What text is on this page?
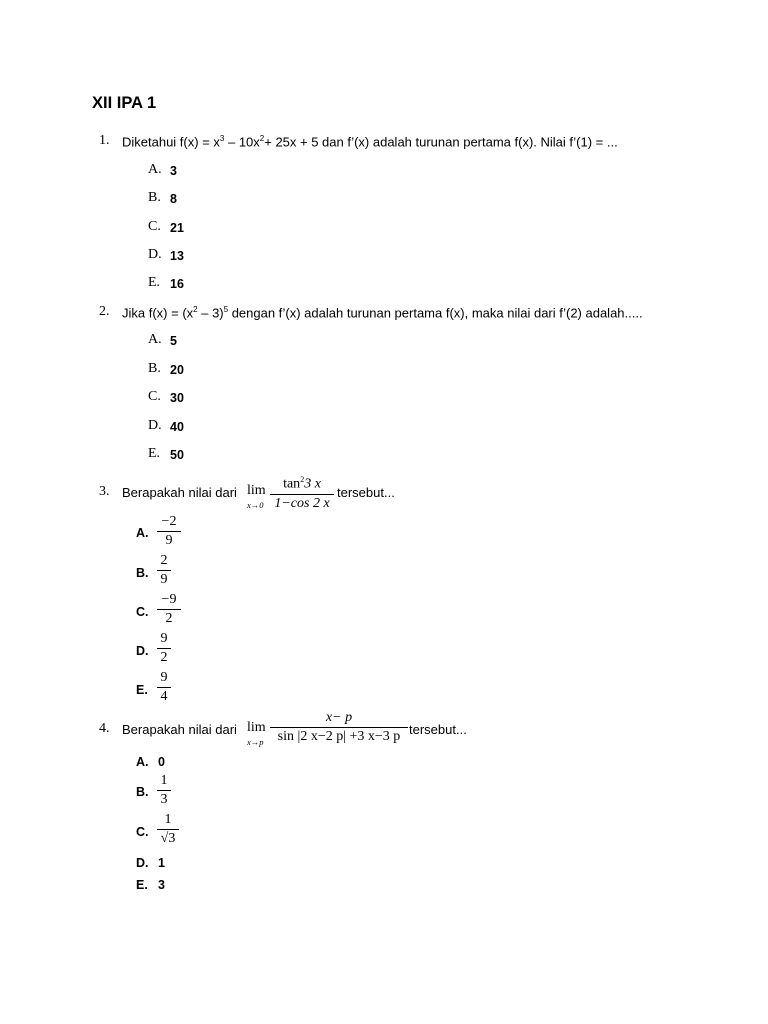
XII IPA 1
1. Diketahui $f(x) = x^3 - 10x^2+ 25x + 5$ dan f’(x) adalah turunan pertama f(x). Nilai f’(1) = ...
A. 3
B. 8
C. 21
D. 13
E. 16
2. Jika $f(x) = (x^2 - 3)^5$ dengan f’(x) adalah turunan pertama f(x), maka nilai dari f’(2) adalah.....
A. 5
B. 20
C. 30
D. 40
E. 50
3. Berapakah nilai dari lim
x→0
$\tan^23$ x
1−cos 2 x
tersebut...
A.
−2
9
B.
2
9
C.
−9
2
D.
9
2
E.
9
4
4. Berapakah nilai dari lim
x→p
x− p
sin |2 x−2 p| +3 x−3 p tersebut...
A. 0
B.
1
3
C.
1
√3
D. 1
E. 3
